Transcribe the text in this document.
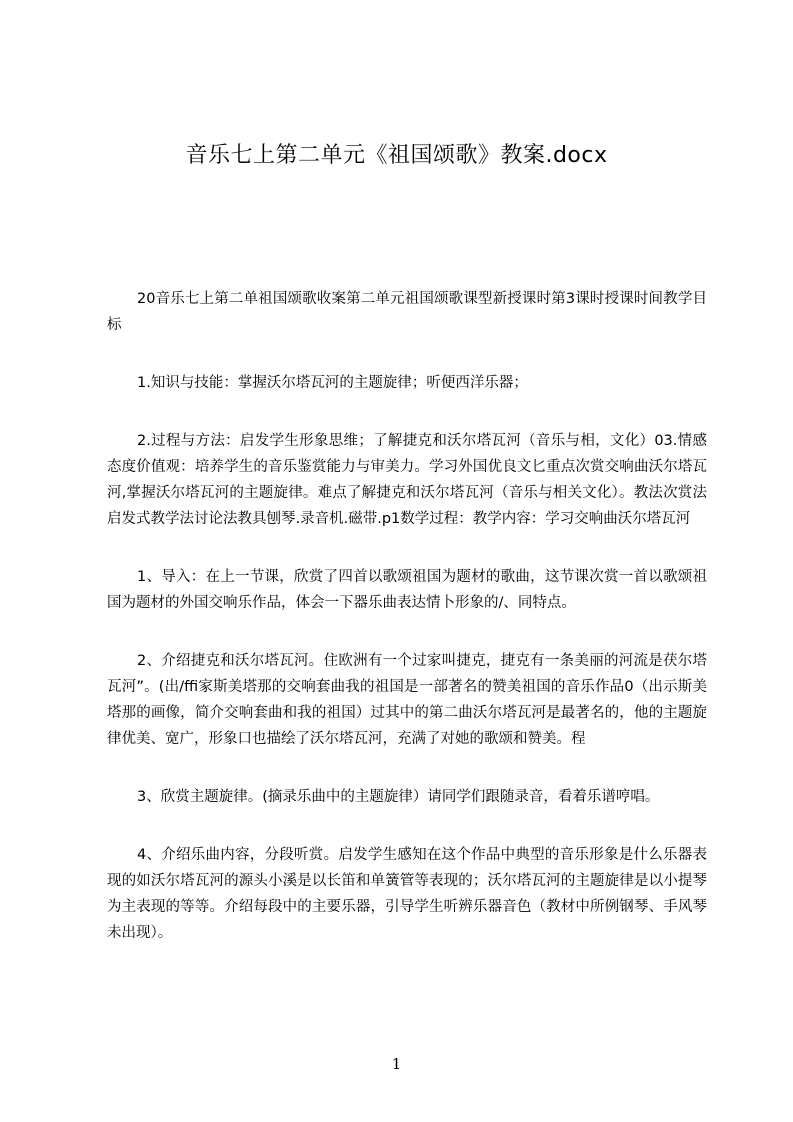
音乐七上第二单元《祖国颂歌》教案.docx

20音乐七上第二单祖国颂歌收案第二单元祖国颂歌课型新授课时第3课时授课时间教学目标

1.知识与技能：掌握沃尔塔瓦河的主题旋律；听便西洋乐器；

2.过程与方法：启发学生形象思维；了解捷克和沃尔塔瓦河（音乐与相，文化）03.情感态度价值观：培养学生的音乐鉴赏能力与审美力。学习外国优良文匕重点次赏交响曲沃尔塔瓦河,掌握沃尔塔瓦河的主题旋律。难点了解捷克和沃尔塔瓦河（音乐与相关文化）。教法次赏法启发式教学法讨论法教具刨琴.录音机.磁带.p1数学过程：教学内容：学习交响曲沃尔塔瓦河

1、导入：在上一节课，欣赏了四首以歌颂祖国为题材的歌曲，这节课次赏一首以歌颂祖国为题材的外国交响乐作品，体会一下器乐曲表达情卜形象的/、同特点。

2、介绍捷克和沃尔塔瓦河。住欧洲有一个过家叫捷克，捷克有一条美丽的河流是茯尔塔瓦河”。(出/ffi家斯美塔那的交响套曲我的祖国是一部著名的赞美祖国的音乐作品0（出示斯美塔那的画像，简介交响套曲和我的祖国）过其中的第二曲沃尔塔瓦河是最著名的，他的主题旋律优美、宽广，形象口也描绘了沃尔塔瓦河，充满了对她的歌颂和赞美。程

3、欣赏主题旋律。(摘录乐曲中的主题旋律）请同学们跟随录音，看着乐谱哼唱。

4、介绍乐曲内容，分段听赏。启发学生感知在这个作品中典型的音乐形象是什么乐器表现的如沃尔塔瓦河的源头小溪是以长笛和单簧管等表现的；沃尔塔瓦河的主题旋律是以小提琴为主表现的等等。介绍每段中的主要乐器，引导学生听辨乐器音色（教材中所例钢琴、手风琴未出现）。

1
